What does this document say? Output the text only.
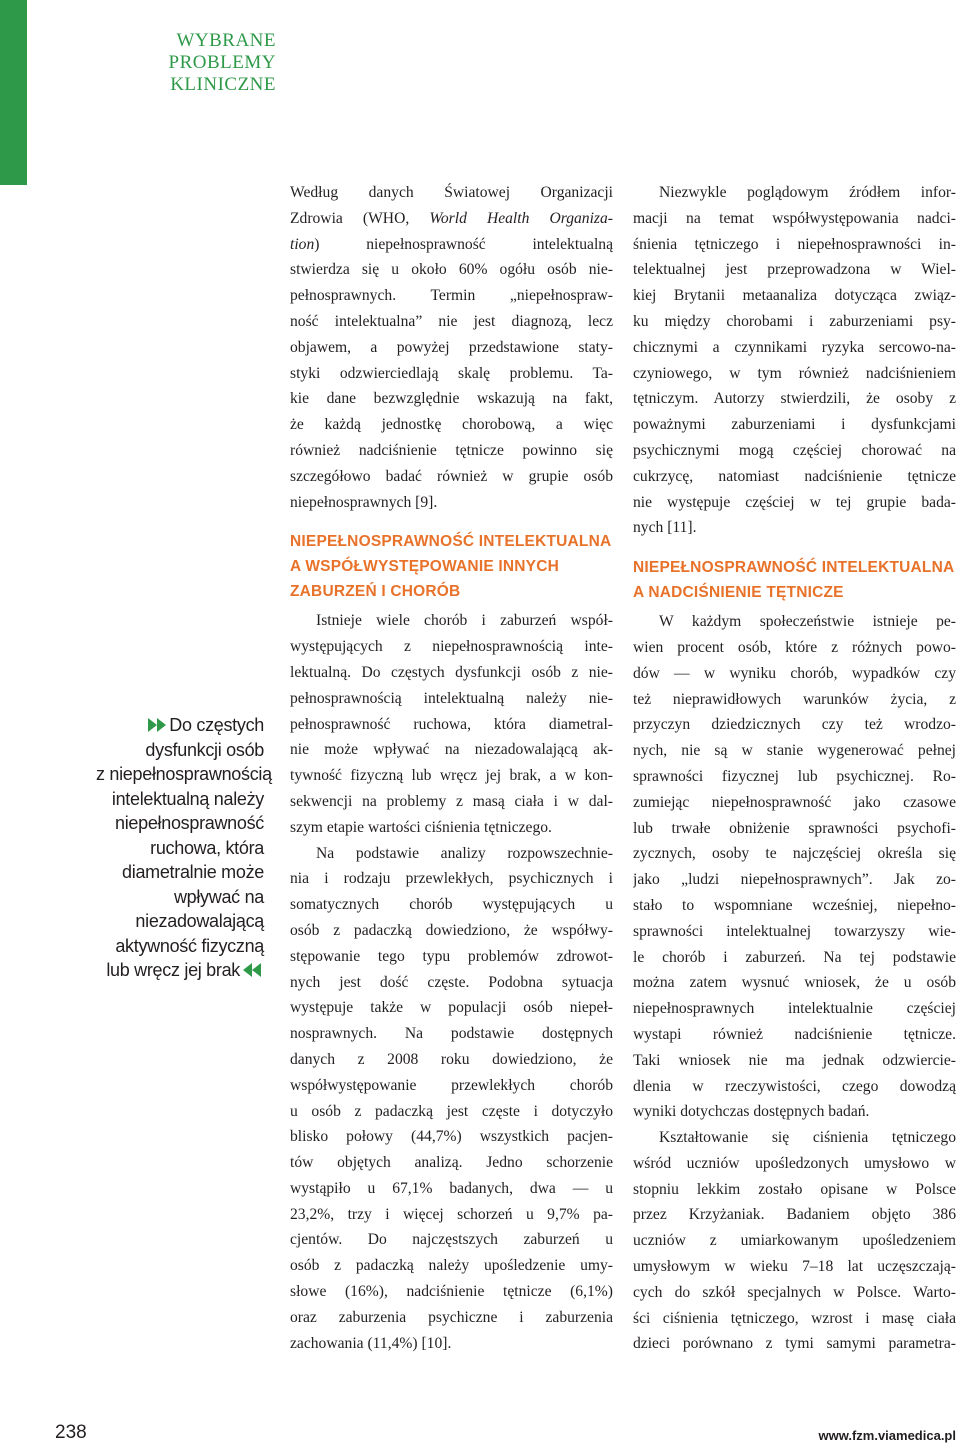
WYBRANE
PROBLEMY
KLINICZNE
Do częstych
dysfunkcji osób
z niepełnosprawnością
intelektualną należy
niepełnosprawność
ruchowa, która
diametralnie może
wpływać na
niezadowalającą
aktywność fizyczną
lub wręcz jej brak
Według danych Światowej Organizacji
Zdrowia (WHO, World Health Organiza-
tion) niepełnosprawność intelektualną
stwierdza się u około 60% ogółu osób nie-
pełnosprawnych. Termin „niepełnospraw-
ność intelektualna” nie jest diagnozą, lecz
objawem, a powyżej przedstawione staty-
styki odzwierciedlają skalę problemu. Ta-
kie dane bezwzględnie wskazują na fakt,
że każdą jednostkę chorobową, a więc
również nadciśnienie tętnicze powinno się
szczegółowo badać również w grupie osób
niepełnosprawnych [9].
NIEPEŁNOSPRAWNOŚĆ INTELEKTUALNA
A WSPÓŁWYSTĘPOWANIE INNYCH
ZABURZEŃ I CHORÓB
Istnieje wiele chorób i zaburzeń współ-
występujących z niepełnosprawnością inte-
lektualną. Do częstych dysfunkcji osób z nie-
pełnosprawnością intelektualną należy nie-
pełnosprawność ruchowa, która diametral-
nie może wpływać na niezadowalającą ak-
tywność fizyczną lub wręcz jej brak, a w kon-
sekwencji na problemy z masą ciała i w dal-
szym etapie wartości ciśnienia tętniczego.
Na podstawie analizy rozpowszechnie-
nia i rodzaju przewlekłych, psychicznych i
somatycznych chorób występujących u
osób z padaczką dowiedziono, że współwy-
stępowanie tego typu problemów zdrowot-
nych jest dość częste. Podobna sytuacja
występuje także w populacji osób niepeł-
nosprawnych. Na podstawie dostępnych
danych z 2008 roku dowiedziono, że
współwystępowanie przewlekłych chorób
u osób z padaczką jest częste i dotyczyło
blisko połowy (44,7%) wszystkich pacjen-
tów objętych analizą. Jedno schorzenie
wystąpiło u 67,1% badanych, dwa — u
23,2%, trzy i więcej schorzeń u 9,7% pa-
cjentów. Do najczęstszych zaburzeń u
osób z padaczką należy upośledzenie umy-
słowe (16%), nadciśnienie tętnicze (6,1%)
oraz zaburzenia psychiczne i zaburzenia
zachowania (11,4%) [10].
Niezwykle poglądowym źródłem infor-
macji na temat współwystępowania nadci-
śnienia tętniczego i niepełnosprawności in-
telektualnej jest przeprowadzona w Wiel-
kiej Brytanii metaanaliza dotycząca związ-
ku między chorobami i zaburzeniami psy-
chicznymi a czynnikami ryzyka sercowo-na-
czyniowego, w tym również nadciśnieniem
tętniczym. Autorzy stwierdzili, że osoby z
poważnymi zaburzeniami i dysfunkcjami
psychicznymi mogą częściej chorować na
cukrzycę, natomiast nadciśnienie tętnicze
nie występuje częściej w tej grupie bada-
nych [11].
NIEPEŁNOSPRAWNOŚĆ INTELEKTUALNA
A NADCIŚNIENIE TĘTNICZE
W każdym społeczeństwie istnieje pe-
wien procent osób, które z różnych powo-
dów — w wyniku chorób, wypadków czy
też nieprawidłowych warunków życia, z
przyczyn dziedzicznych czy też wrodzo-
nych, nie są w stanie wygenerować pełnej
sprawności fizycznej lub psychicznej. Ro-
zumiejąc niepełnosprawność jako czasowe
lub trwałe obniżenie sprawności psychofi-
zycznych, osoby te najczęściej określa się
jako „ludzi niepełnosprawnych”. Jak zo-
stało to wspomniane wcześniej, niepełno-
sprawności intelektualnej towarzyszy wie-
le chorób i zaburzeń. Na tej podstawie
można zatem wysnuć wniosek, że u osób
niepełnosprawnych intelektualnie częściej
wystapi również nadciśnienie tętnicze.
Taki wniosek nie ma jednak odzwiercie-
dlenia w rzeczywistości, czego dowodzą
wyniki dotychczas dostępnych badań.
Kształtowanie się ciśnienia tętniczego
wśród uczniów upośledzonych umysłowo w
stopniu lekkim zostało opisane w Polsce
przez Krzyżaniak. Badaniem objęto 386
uczniów z umiarkowanym upośledzeniem
umysłowym w wieku 7–18 lat uczęszczają-
cych do szkół specjalnych w Polsce. Warto-
ści ciśnienia tętniczego, wzrost i masę ciała
dzieci porównano z tymi samymi parametra-
238	www.fzm.viamedica.pl
